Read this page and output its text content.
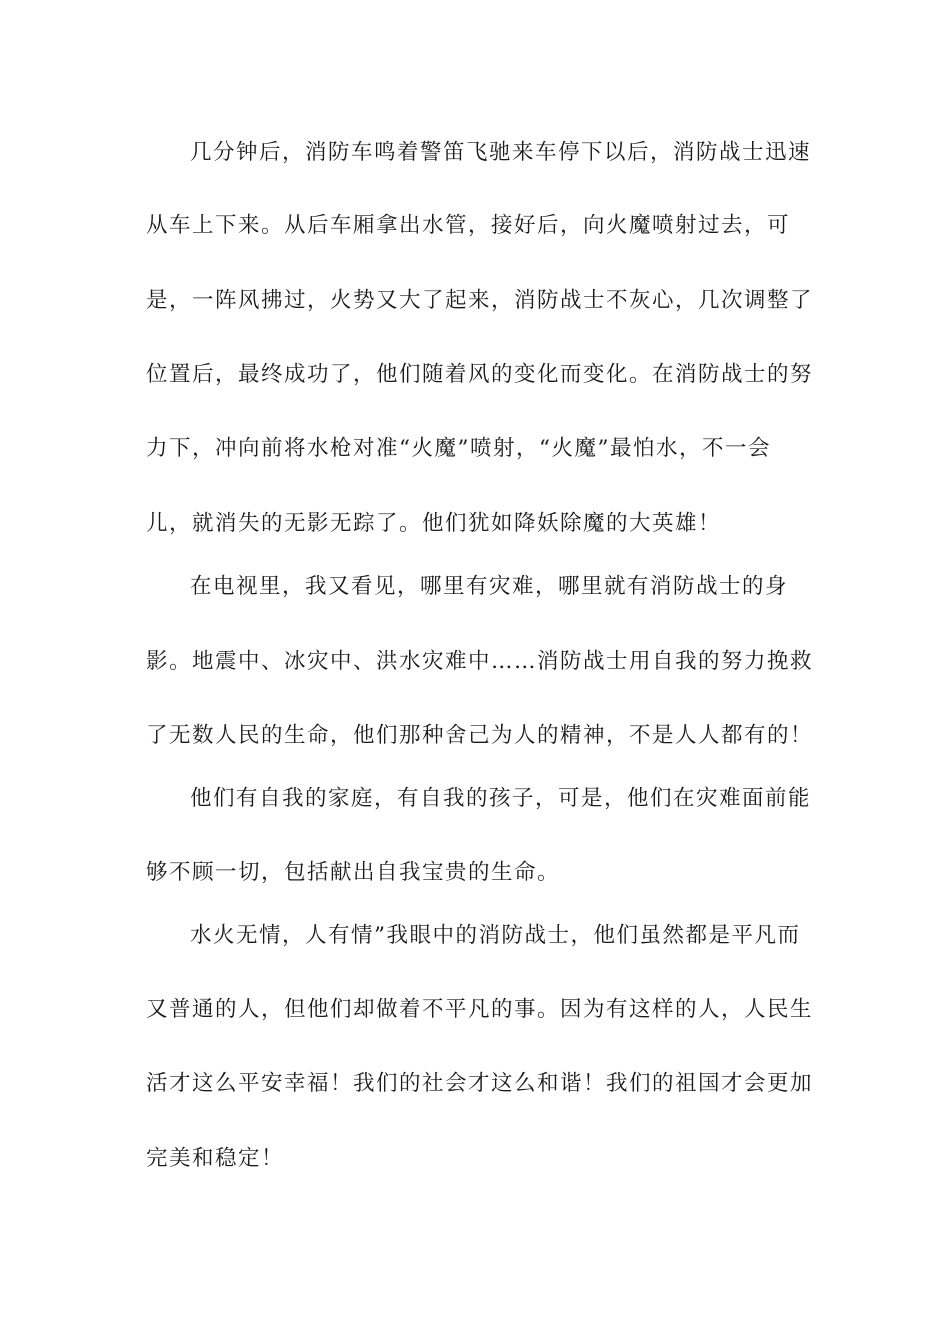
几分钟后，消防车鸣着警笛飞驰来车停下以后，消防战士迅速
从车上下来。从后车厢拿出水管，接好后，向火魔喷射过去，可
是，一阵风拂过，火势又大了起来，消防战士不灰心，几次调整了
位置后，最终成功了，他们随着风的变化而变化。在消防战士的努
力下，冲向前将水枪对准“火魔”喷射，“火魔”最怕水，不一会
儿，就消失的无影无踪了。他们犹如降妖除魔的大英雄！
在电视里，我又看见，哪里有灾难，哪里就有消防战士的身
影。地震中、冰灾中、洪水灾难中……消防战士用自我的努力挽救
了无数人民的生命，他们那种舍己为人的精神，不是人人都有的！
他们有自我的家庭，有自我的孩子，可是，他们在灾难面前能
够不顾一切，包括献出自我宝贵的生命。
水火无情，人有情”我眼中的消防战士，他们虽然都是平凡而
又普通的人，但他们却做着不平凡的事。因为有这样的人，人民生
活才这么平安幸福！我们的社会才这么和谐！我们的祖国才会更加
完美和稳定！
